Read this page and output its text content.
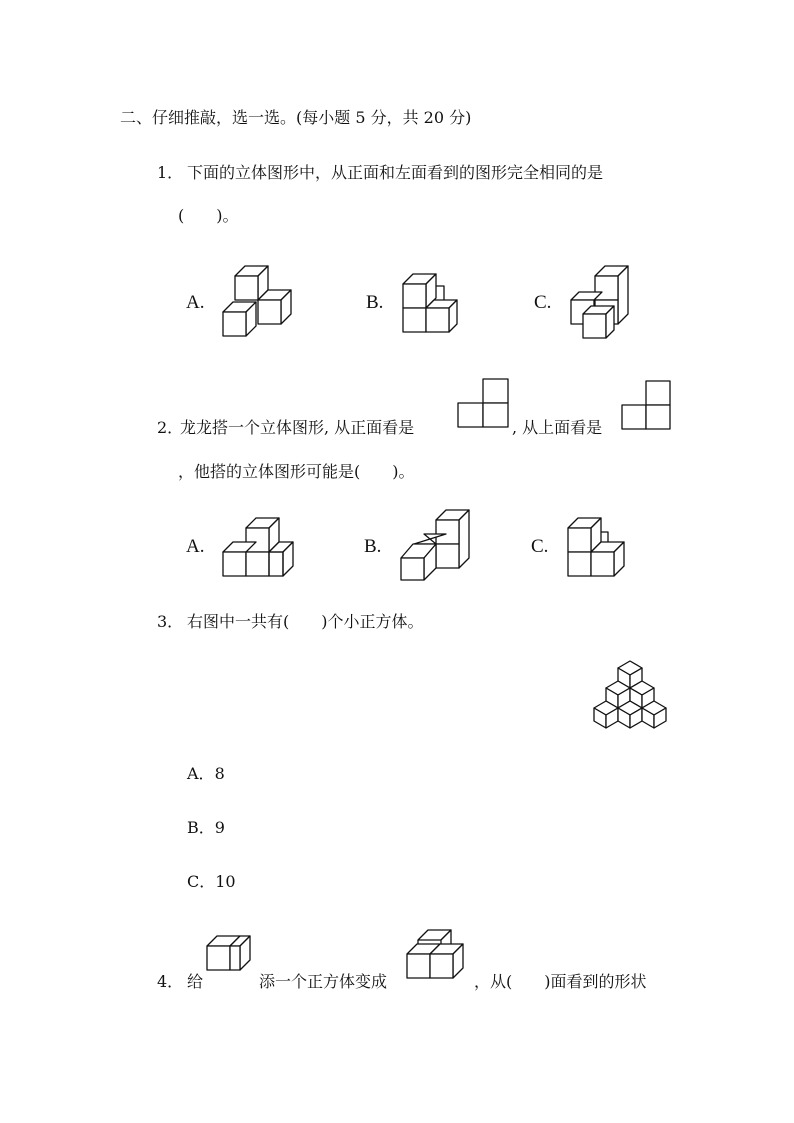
二、仔细推敲，选一选。(每小题 5 分，共 20 分)
1． 下面的立体图形中，从正面和左面看到的图形完全相同的是
(　　)。
A.	B.	C.
2．
龙龙搭一个立体图形, 从正面看是	, 从上面看是
，他搭的立体图形可能是(　　)。
A.	B.	C.
3． 右图中一共有(　　)个小正方体。
A．8
B．9
C．10
4． 给	添一个正方体变成	，从(　　)面看到的形状
